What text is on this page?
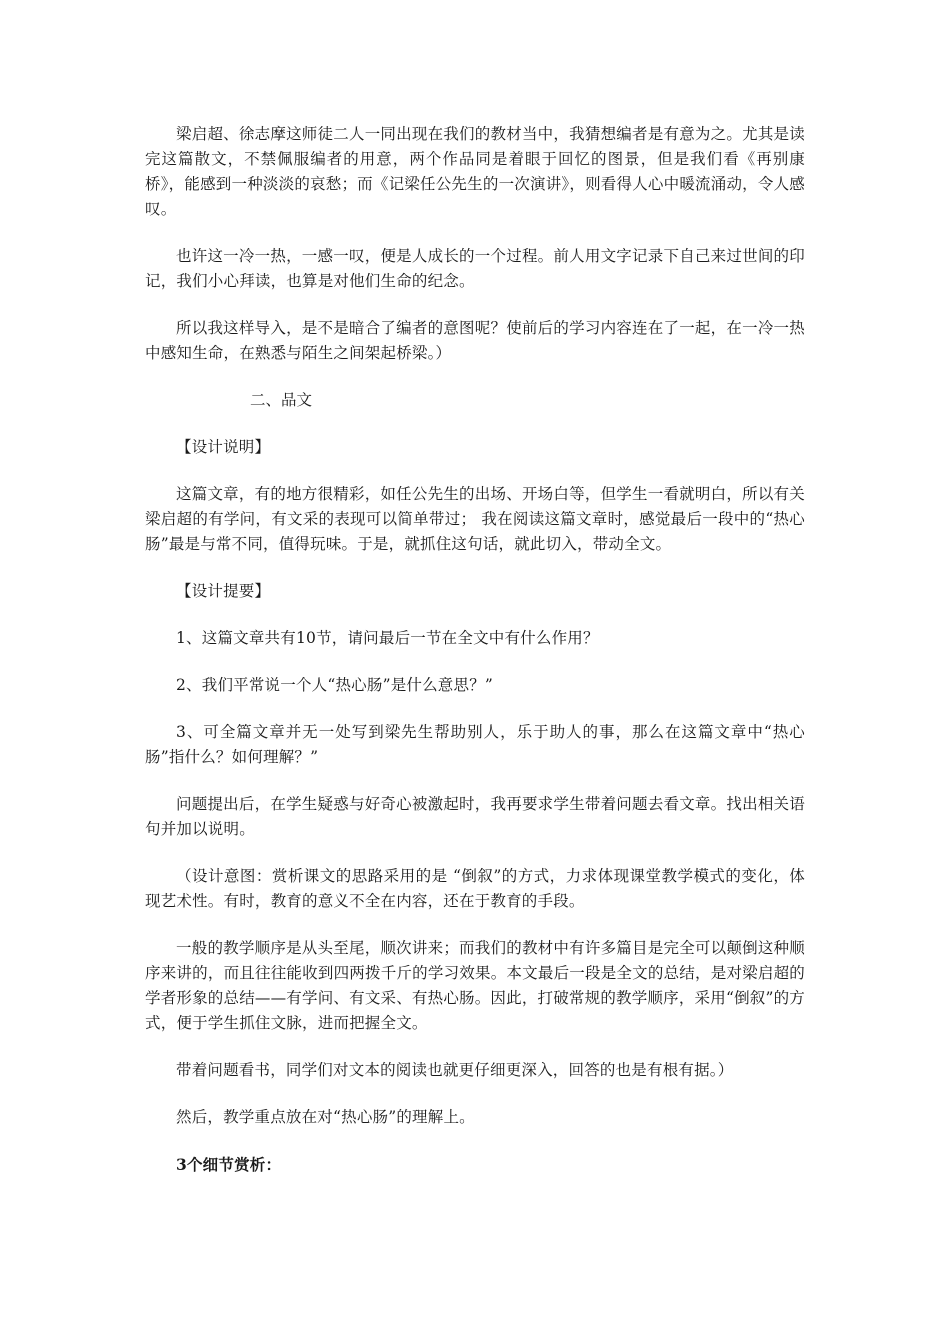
梁启超、徐志摩这师徒二人一同出现在我们的教材当中，我猜想编者是有意为之。尤其是读完这篇散文，不禁佩服编者的用意，两个作品同是着眼于回忆的图景，但是我们看《再别康桥》，能感到一种淡淡的哀愁；而《记梁任公先生的一次演讲》，则看得人心中暖流涌动，令人感叹。

也许这一冷一热，一感一叹，便是人成长的一个过程。前人用文字记录下自己来过世间的印记，我们小心拜读，也算是对他们生命的纪念。

所以我这样导入，是不是暗合了编者的意图呢？使前后的学习内容连在了一起，在一冷一热中感知生命，在熟悉与陌生之间架起桥梁。）

二、品文

【设计说明】

这篇文章，有的地方很精彩，如任公先生的出场、开场白等，但学生一看就明白，所以有关梁启超的有学问，有文采的表现可以简单带过； 我在阅读这篇文章时，感觉最后一段中的“热心肠”最是与常不同，值得玩味。于是，就抓住这句话，就此切入，带动全文。

【设计提要】

1、这篇文章共有10节，请问最后一节在全文中有什么作用？

2、我们平常说一个人“热心肠”是什么意思？”

3、可全篇文章并无一处写到梁先生帮助别人，乐于助人的事，那么在这篇文章中“热心肠”指什么？如何理解？”

问题提出后，在学生疑惑与好奇心被激起时，我再要求学生带着问题去看文章。找出相关语句并加以说明。

（设计意图：赏析课文的思路采用的是 “倒叙”的方式，力求体现课堂教学模式的变化，体现艺术性。有时，教育的意义不全在内容，还在于教育的手段。

一般的教学顺序是从头至尾，顺次讲来；而我们的教材中有许多篇目是完全可以颠倒这种顺序来讲的，而且往往能收到四两拨千斤的学习效果。本文最后一段是全文的总结，是对梁启超的学者形象的总结——有学问、有文采、有热心肠。因此，打破常规的教学顺序，采用“倒叙”的方式，便于学生抓住文脉，进而把握全文。

带着问题看书，同学们对文本的阅读也就更仔细更深入，回答的也是有根有据。）

然后，教学重点放在对“热心肠”的理解上。

3个细节赏析：
